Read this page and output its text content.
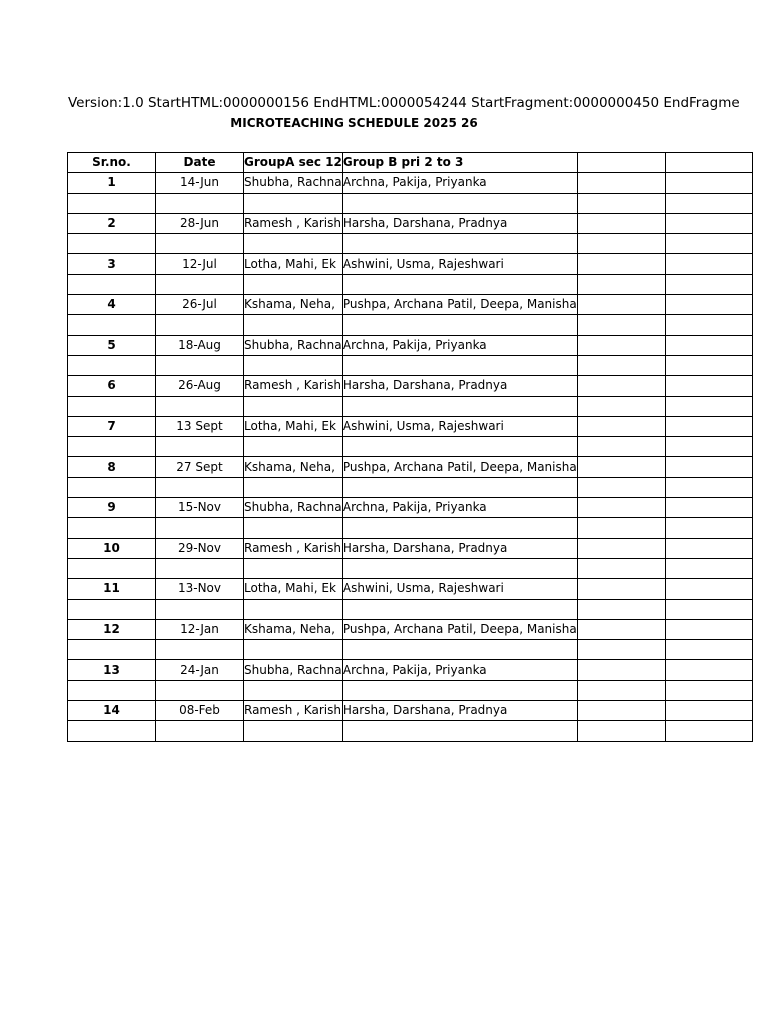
Version:1.0 StartHTML:0000000156 EndHTML:0000054244 StartFragment:0000000450 EndFragme
MICROTEACHING SCHEDULE 2025 26
Sr.no.	Date	GroupA sec 12	Group B pri 2 to 3		
1	14-Jun	Shubha, Rachna	Archna, Pakija, Priyanka		

2	28-Jun	Ramesh , Karish	Harsha, Darshana, Pradnya		

3	12-Jul	Lotha, Mahi, Ek	Ashwini, Usma, Rajeshwari		

4	26-Jul	Kshama, Neha,	Pushpa, Archana Patil, Deepa, Manisha		

5	18-Aug	Shubha, Rachna	Archna, Pakija, Priyanka		

6	26-Aug	Ramesh , Karish	Harsha, Darshana, Pradnya		

7	13 Sept	Lotha, Mahi, Ek	Ashwini, Usma, Rajeshwari		

8	27 Sept	Kshama, Neha,	Pushpa, Archana Patil, Deepa, Manisha		

9	15-Nov	Shubha, Rachna	Archna, Pakija, Priyanka		

10	29-Nov	Ramesh , Karish	Harsha, Darshana, Pradnya		

11	13-Nov	Lotha, Mahi, Ek	Ashwini, Usma, Rajeshwari		

12	12-Jan	Kshama, Neha,	Pushpa, Archana Patil, Deepa, Manisha		

13	24-Jan	Shubha, Rachna	Archna, Pakija, Priyanka		

14	08-Feb	Ramesh , Karish	Harsha, Darshana, Pradnya		
